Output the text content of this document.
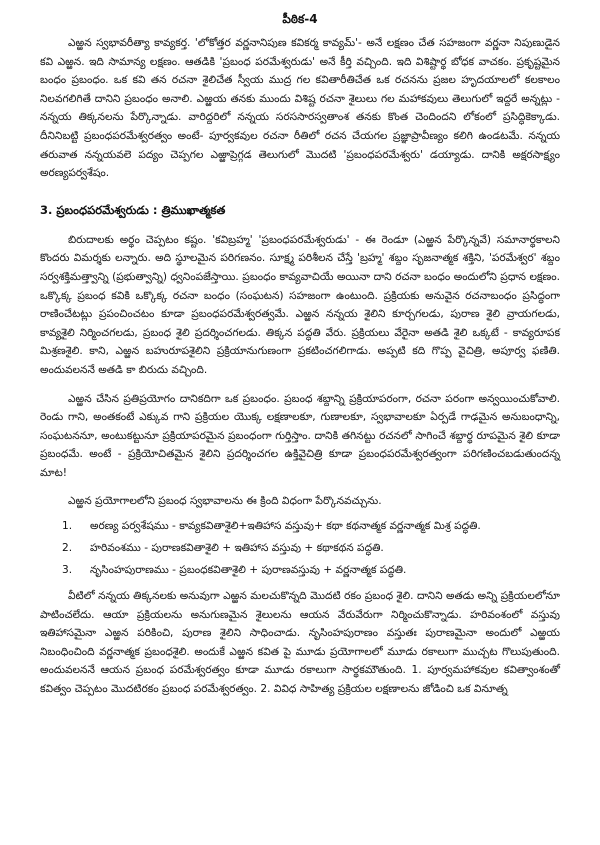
పీఠిక-4

ఎఱ్ఱన స్వభావరీత్యా కావ్యకర్త. 'లోకోత్తర వర్ణనానిపుణ కవికర్మ కావ్యమ్'- అనే లక్షణం చేత సహజంగా వర్ణనా నిపుణుడైన కవి ఎఱ్ఱన. ఇది సామాన్య లక్షణం. ఆతడికి 'ప్రబంధ పరమేశ్వరుడు' అనే కీర్తి వచ్చింది. ఇది విశిష్టార్థ బోధక వాచకం. ప్రకృష్టమైన బంధం ప్రబంధం. ఒక కవి తన రచనా శైలిచేత స్వీయ ముద్ర గల కవితారీతిచేత ఒక రచనను ప్రజల హృదయాలలో కలకాలం నిలవగలిగితే దానిని ప్రబంధం అనాలి. ఎఱ్ఱయ తనకు ముందు విశిష్ట రచనా శైలులు గల మహాకవులు తెలుగులో ఇద్దరే అన్నట్లు - నన్నయ తిక్కనలను పేర్కొన్నాడు. వారిద్దరిలో నన్నయ సరససారస్వతాంశ తనకు కొంత చెందిందని లోకంలో ప్రసిద్ధికెక్కాడు. దీనినిబట్టి ప్రబంధపరమేశ్వరత్వం అంటే- పూర్వకవుల రచనా రీతిలో రచన చేయగల ప్రజ్ఞాప్రావీణ్యం కలిగి ఉండటమే. నన్నయ తరువాత నన్నయవలె పద్యం చెప్పగల ఎఱ్ఱాప్రెగ్గడ తెలుగులో మొదటి 'ప్రబంధపరమేశ్వరు' డయ్యాడు. దానికి అక్షరసాక్ష్యం అరణ్యపర్వశేషం.

3. ప్రబంధపరమేశ్వరుడు : త్రిముఖాత్మకత

బిరుదాలకు అర్థం చెప్పటం కష్టం. 'కవిబ్రహ్మ' 'ప్రబంధపరమేశ్వరుడు' - ఈ రెండూ (ఎఱ్ఱన పేర్కొన్నవే) సమానార్థకాలని కొందరు విమర్శకు లన్నారు. అది స్థూలమైన పరిగణనం. సూక్ష్మ పరిశీలన చేస్తే 'బ్రహ్మ' శబ్దం సృజనాత్మక శక్తిని, 'పరమేశ్వర' శబ్దం సర్వశక్తిమత్త్వాన్ని (ప్రభుత్వాన్ని) ధ్వనింపజేస్తాయి. ప్రబంధం కావ్యవాచియే అయినా దాని రచనా బంధం అందులోని ప్రధాన లక్షణం. ఒక్కొక్క ప్రబంధ కవికి ఒక్కొక్క రచనా బంధం (సంఘటన) సహజంగా ఉంటుంది. ప్రక్రియకు అనువైన రచనాబంధం ప్రసిద్ధంగా రాణించేటట్లు ప్రపంచించటం కూడా ప్రబంధపరమేశ్వరత్వమే. ఎఱ్ఱన నన్నయ శైలిని కూర్చగలడు, పురాణ శైలి వ్రాయగలడు, కావ్యశైలి నిర్మించగలడు, ప్రబంధ శైలి ప్రదర్శించగలడు. తిక్కన పద్ధతి వేరు. ప్రక్రియలు వేరైనా అతడి శైలి ఒక్కటే - కావ్యరూపక మిశ్రణశైలి. కాని, ఎఱ్ఱన బహురూపశైలిని ప్రక్రియానుగుణంగా ప్రకటించగలిగాడు. అప్పటి కది గొప్ప వైచిత్రి, అపూర్వ ఫణితి. అందువలననే అతడి కా బిరుదు వచ్చింది.

ఎఱ్ఱన చేసిన ప్రతిప్రయోగం దానికదిగా ఒక ప్రబంధం. ప్రబంధ శబ్దాన్ని ప్రక్రియాపరంగా, రచనా పరంగా అన్వయించుకోవాలి. రెండు గాని, అంతకంటే ఎక్కువ గాని ప్రక్రియల యొక్క లక్షణాలకూ, గుణాలకూ, స్వభావాలకూ ఏర్పడే గాఢమైన అనుబంధాన్ని, సంఘటననూ, అంటుకట్టునూ ప్రక్రియాపరమైన ప్రబంధంగా గుర్తిస్తాం. దానికి తగినట్టు రచనలో సాగించే శబ్దార్థ రూపమైన శైలి కూడా ప్రబంధమే. అంటే - ప్రక్రియోచితమైన శైలిని ప్రదర్శించగల ఉక్తివైచిత్రి కూడా ప్రబంధపరమేశ్వరత్వంగా పరిగణించబడుతుందన్న మాట!

ఎఱ్ఱన ప్రయోగాలలోని ప్రబంధ స్వభావాలను ఈ క్రింది విధంగా పేర్కొనవచ్చును.

1.	అరణ్య పర్వశేషము - కావ్యకవితాశైలి+ఇతిహాస వస్తువు+ కథా కథనాత్మక వర్ణనాత్మక మిశ్ర పద్ధతి.
2.	హరివంశము - పురాణకవితాశైలి + ఇతిహాస వస్తువు + కథాకథన పద్ధతి.
3.	నృసింహపురాణము - ప్రబంధకవితాశైలి + పురాణవస్తువు + వర్ణనాత్మక పద్ధతి.

వీటిలో నన్నయ తిక్కనలకు అనువుగా ఎఱ్ఱన మలచుకొన్నది మొదటి రకం ప్రబంధ శైలి. దానిని అతడు అన్ని ప్రక్రియలలోనూ పాటించలేదు. ఆయా ప్రక్రియలను అనుగుణమైన శైలులను ఆయన వేరువేరుగా నిర్మించుకొన్నాడు. హరివంశంలో వస్తువు ఇతిహాసమైనా ఎఱ్ఱన పరికించి, పురాణ శైలిని సాధించాడు. నృసింహపురాణం వస్తుతః పురాణమైనా అందులో ఎఱ్ఱయ నిబంధించింది వర్ణనాత్మక ప్రబంధశైలి. అందుకే ఎఱ్ఱన కవిత పై మూడు ప్రయోగాలలో మూడు రకాలుగా ముచ్చట గొలుపుతుంది. అందువలననే ఆయన ప్రబంధ పరమేశ్వరత్వం కూడా మూడు రకాలుగా సార్థకమౌతుంది. 1. పూర్వమహాకవుల కవిత్వాంశంతో కవిత్వం చెప్పటం మొదటిరకం ప్రబంధ పరమేశ్వరత్వం. 2. వివిధ సాహిత్య ప్రక్రియల లక్షణాలను జోడించి ఒక వినూత్న
